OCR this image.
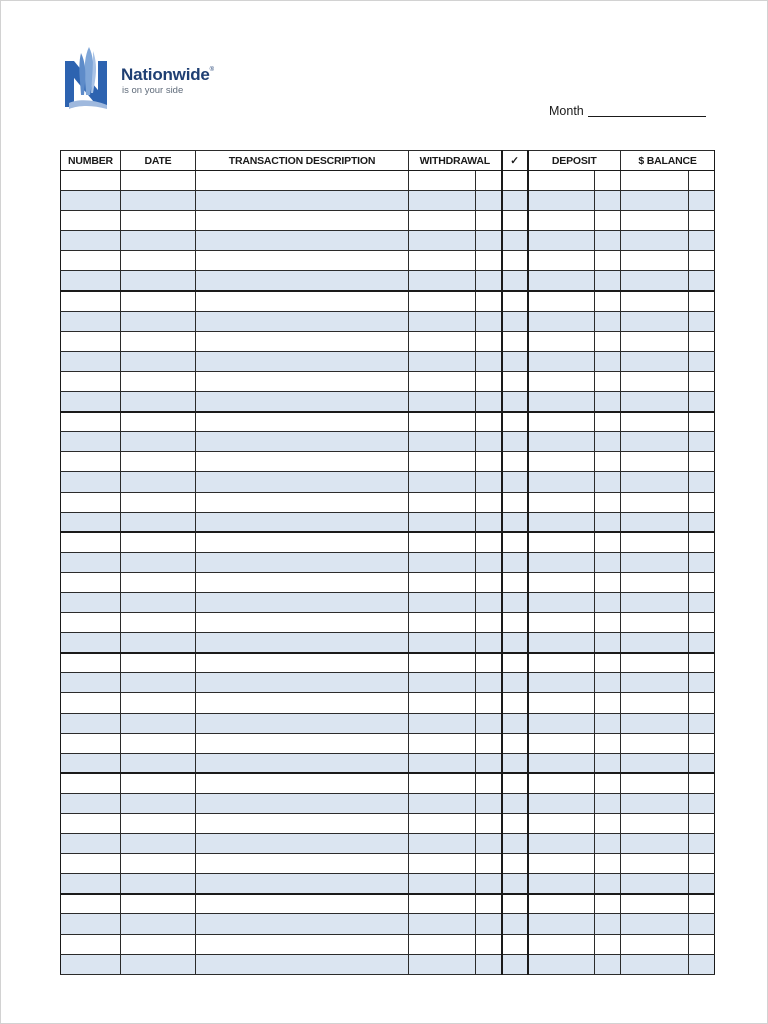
Nationwide®
is on your side
Month
NUMBER	DATE	TRANSACTION DESCRIPTION	WITHDRAWAL		✓	DEPOSIT		$ BALANCE	
